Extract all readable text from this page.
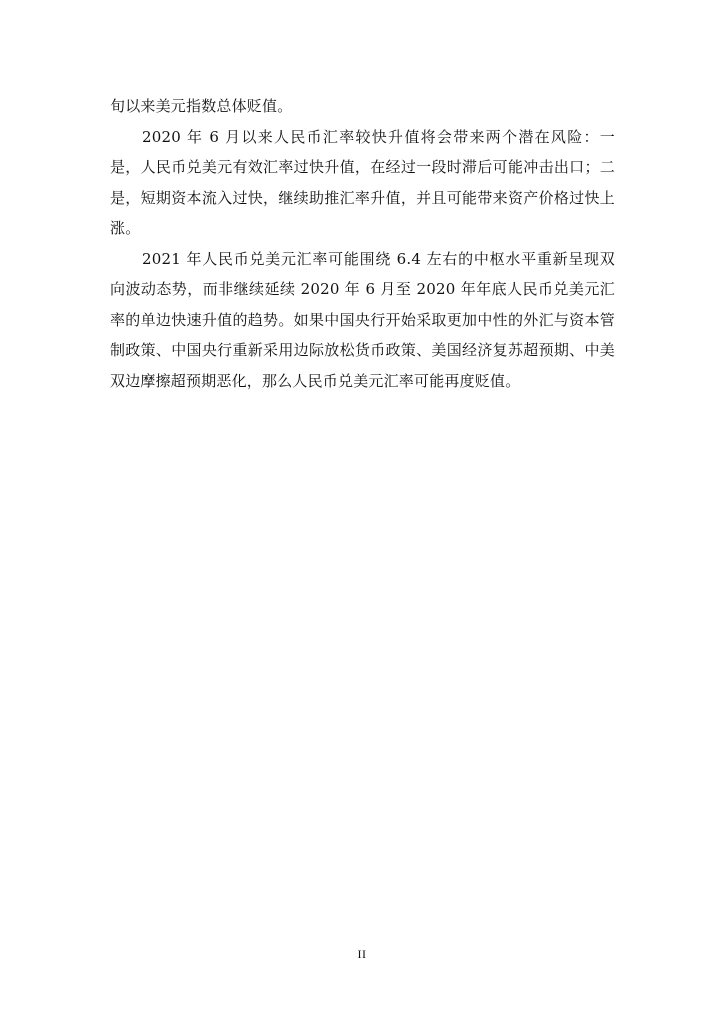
旬以来美元指数总体贬值。

2020 年 6 月以来人民币汇率较快升值将会带来两个潜在风险：一是，人民币兑美元有效汇率过快升值，在经过一段时滞后可能冲击出口；二是，短期资本流入过快，继续助推汇率升值，并且可能带来资产价格过快上涨。

2021 年人民币兑美元汇率可能围绕 6.4 左右的中枢水平重新呈现双向波动态势，而非继续延续 2020 年 6 月至 2020 年年底人民币兑美元汇率的单边快速升值的趋势。如果中国央行开始采取更加中性的外汇与资本管制政策、中国央行重新采用边际放松货币政策、美国经济复苏超预期、中美双边摩擦超预期恶化，那么人民币兑美元汇率可能再度贬值。

II
